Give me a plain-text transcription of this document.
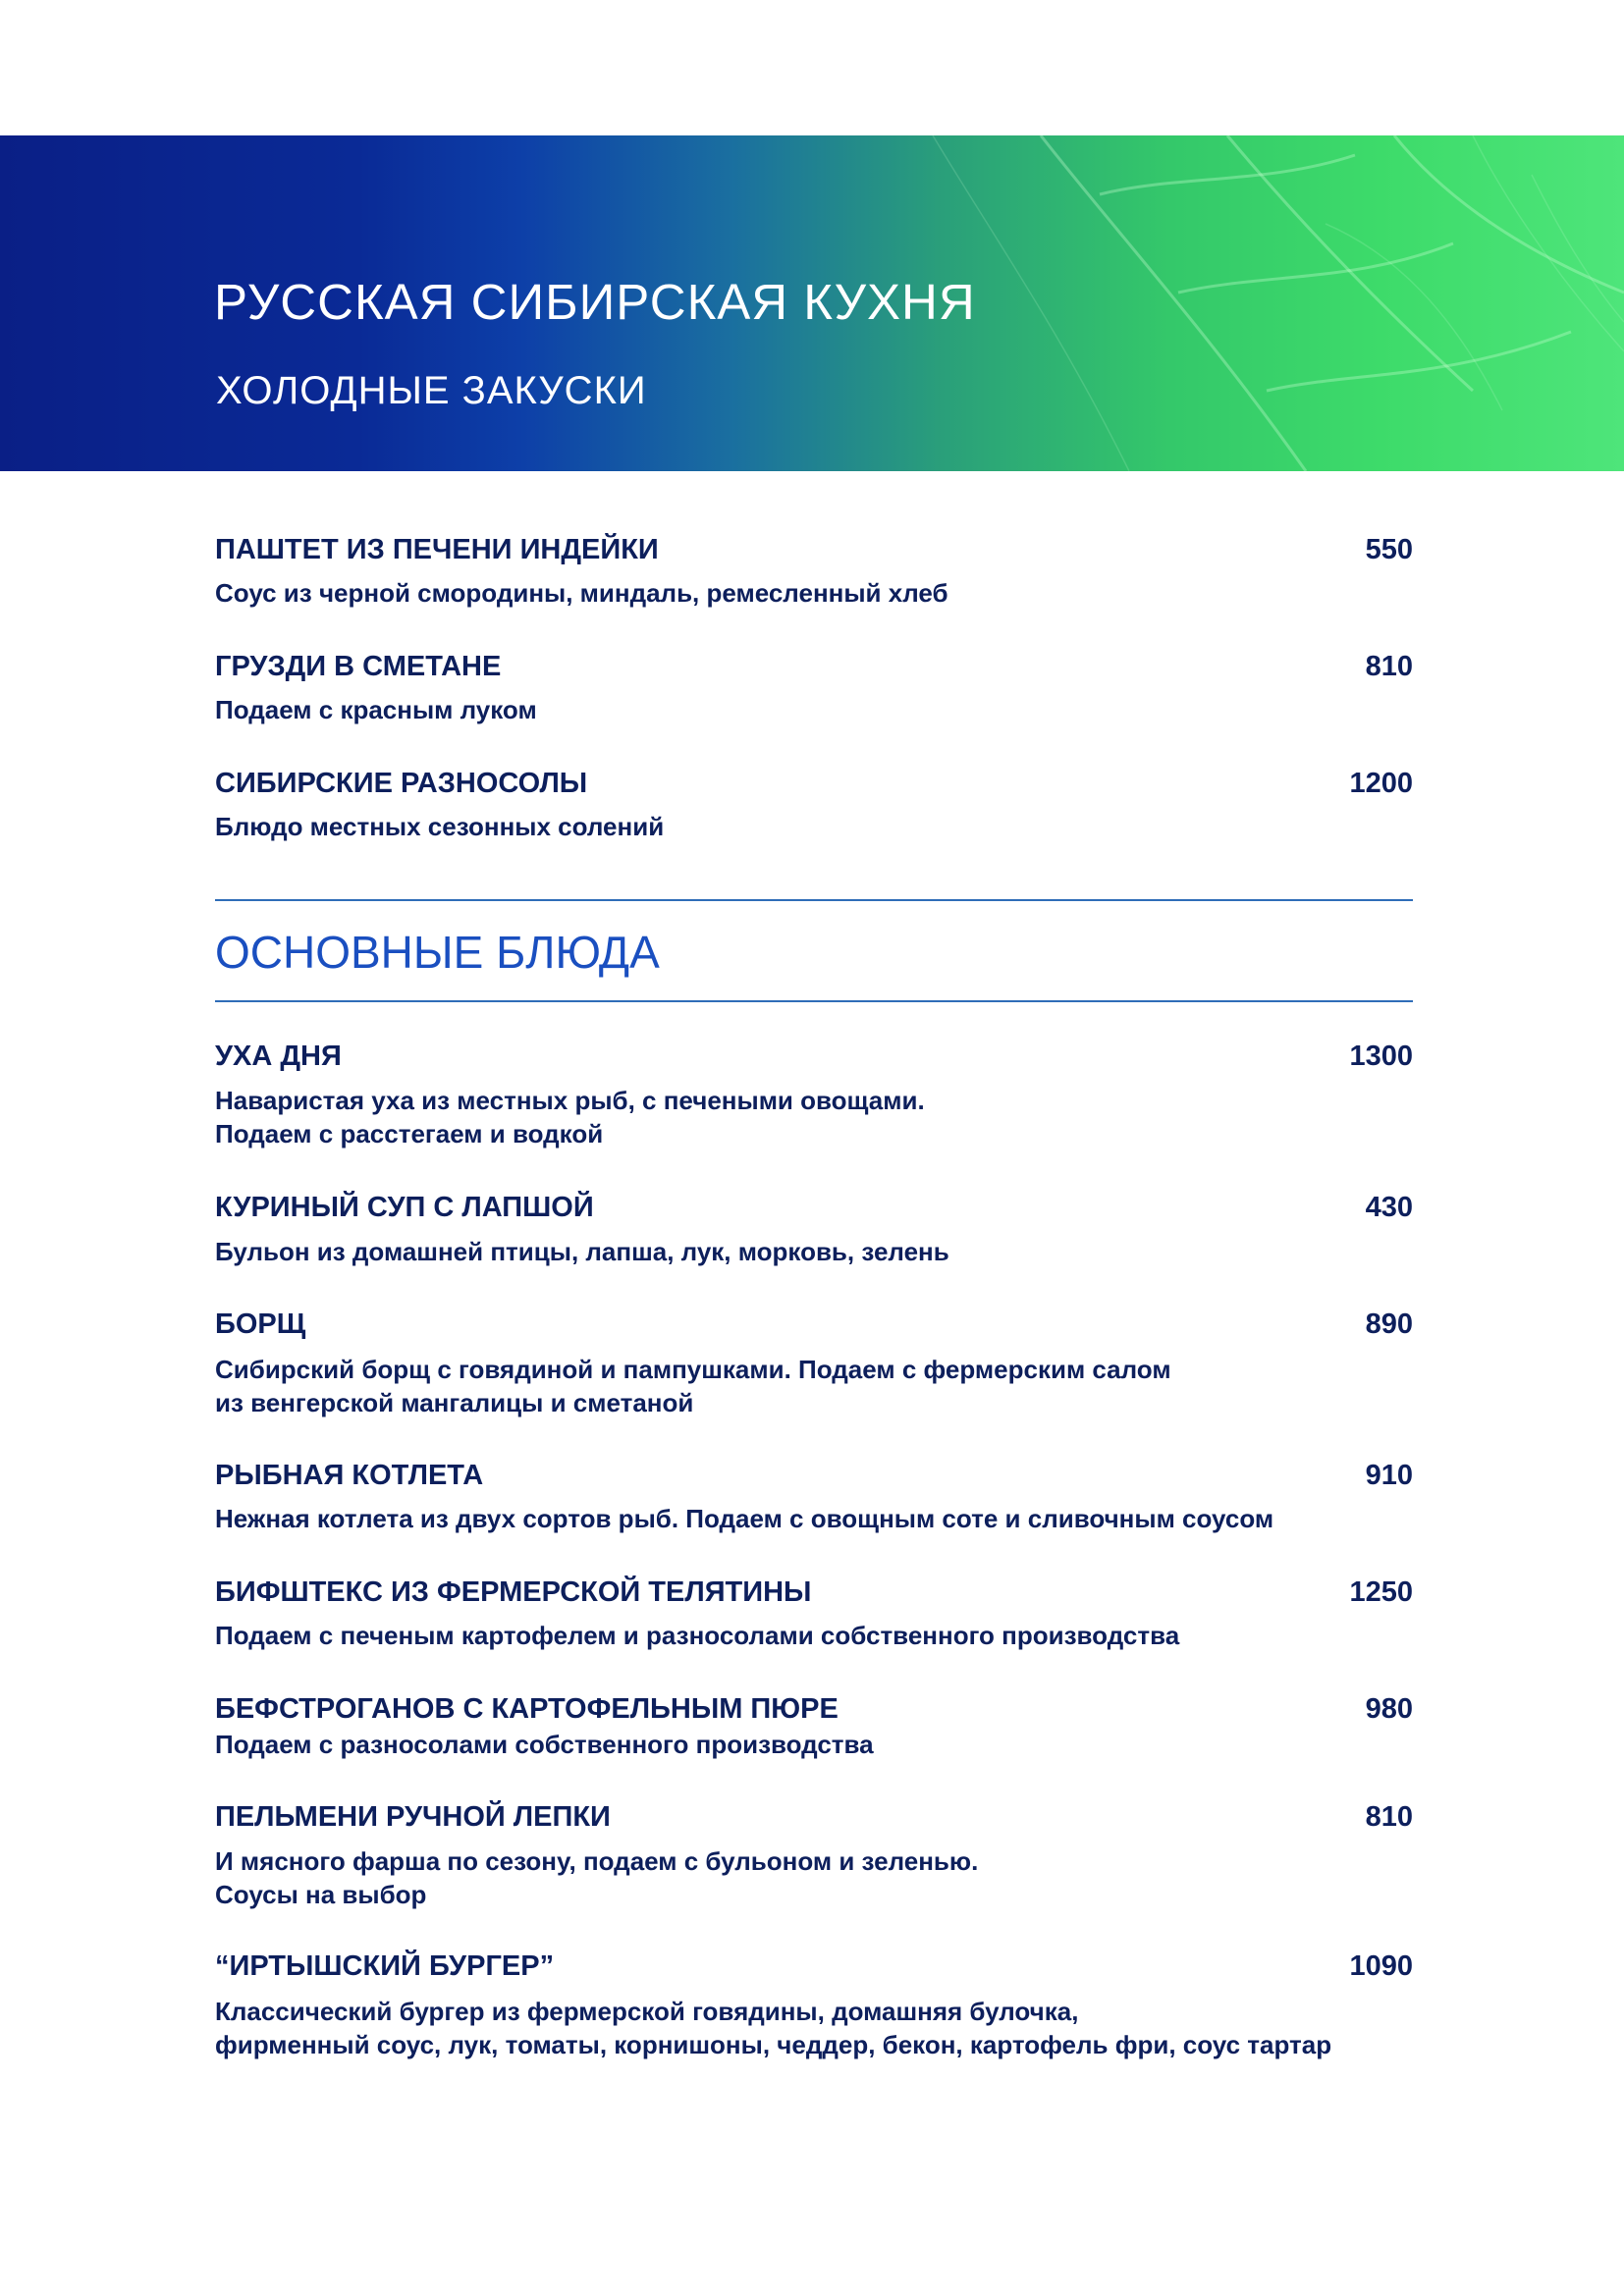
РУССКАЯ СИБИРСКАЯ КУХНЯ
ХОЛОДНЫЕ ЗАКУСКИ
ПАШТЕТ ИЗ ПЕЧЕНИ ИНДЕЙКИ	550
Соус из черной смородины, миндаль, ремесленный хлеб
ГРУЗДИ В СМЕТАНЕ	810
Подаем с красным луком
СИБИРСКИЕ РАЗНОСОЛЫ	1200
Блюдо местных сезонных солений
ОСНОВНЫЕ БЛЮДА
УХА ДНЯ	1300
Наваристая уха из местных рыб, с печеными овощами.
Подаем с расстегаем и водкой
КУРИНЫЙ СУП С ЛАПШОЙ	430
Бульон из домашней птицы, лапша, лук, морковь, зелень
БОРЩ	890
Сибирский борщ с говядиной и пампушками. Подаем с фермерским салом
из венгерской мангалицы и сметаной
РЫБНАЯ КОТЛЕТА	910
Нежная котлета из двух сортов рыб. Подаем с овощным соте и сливочным соусом
БИФШТЕКС ИЗ ФЕРМЕРСКОЙ ТЕЛЯТИНЫ	1250
Подаем с печеным картофелем и разносолами собственного производства
БЕФСТРОГАНОВ С КАРТОФЕЛЬНЫМ ПЮРЕ	980
Подаем с разносолами собственного производства
ПЕЛЬМЕНИ РУЧНОЙ ЛЕПКИ	810
И мясного фарша по сезону, подаем с бульоном и зеленью.
Соусы на выбор
“ИРТЫШСКИЙ БУРГЕР”	1090
Классический бургер из фермерской говядины, домашняя булочка,
фирменный соус, лук, томаты, корнишоны, чеддер, бекон, картофель фри, соус тартар
